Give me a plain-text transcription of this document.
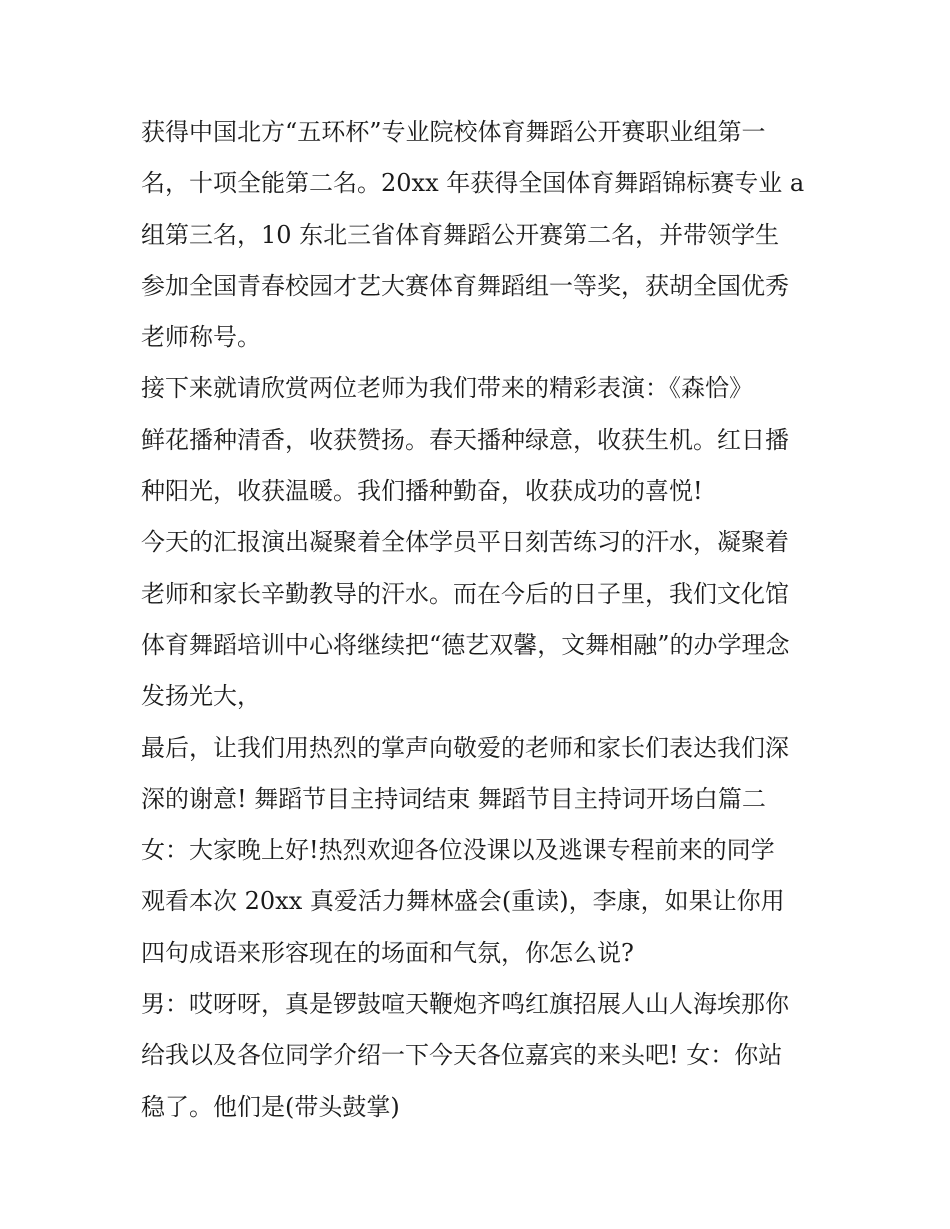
获得中国北方“五环杯”专业院校体育舞蹈公开赛职业组第一
名，十项全能第二名。20xx 年获得全国体育舞蹈锦标赛专业 a
组第三名，10 东北三省体育舞蹈公开赛第二名，并带领学生
参加全国青春校园才艺大赛体育舞蹈组一等奖，获胡全国优秀
老师称号。
接下来就请欣赏两位老师为我们带来的精彩表演：《森恰》
鲜花播种清香，收获赞扬。春天播种绿意，收获生机。红日播
种阳光，收获温暖。我们播种勤奋，收获成功的喜悦!
今天的汇报演出凝聚着全体学员平日刻苦练习的汗水，凝聚着
老师和家长辛勤教导的汗水。而在今后的日子里，我们文化馆
体育舞蹈培训中心将继续把“德艺双馨，文舞相融”的办学理念
发扬光大，
最后，让我们用热烈的掌声向敬爱的老师和家长们表达我们深
深的谢意! 舞蹈节目主持词结束 舞蹈节目主持词开场白篇二
女：大家晚上好!热烈欢迎各位没课以及逃课专程前来的同学
观看本次 20xx 真爱活力舞林盛会(重读)，李康，如果让你用
四句成语来形容现在的场面和气氛，你怎么说?
男：哎呀呀，真是锣鼓喧天鞭炮齐鸣红旗招展人山人海埃那你
给我以及各位同学介绍一下今天各位嘉宾的来头吧! 女：你站
稳了。他们是(带头鼓掌)
